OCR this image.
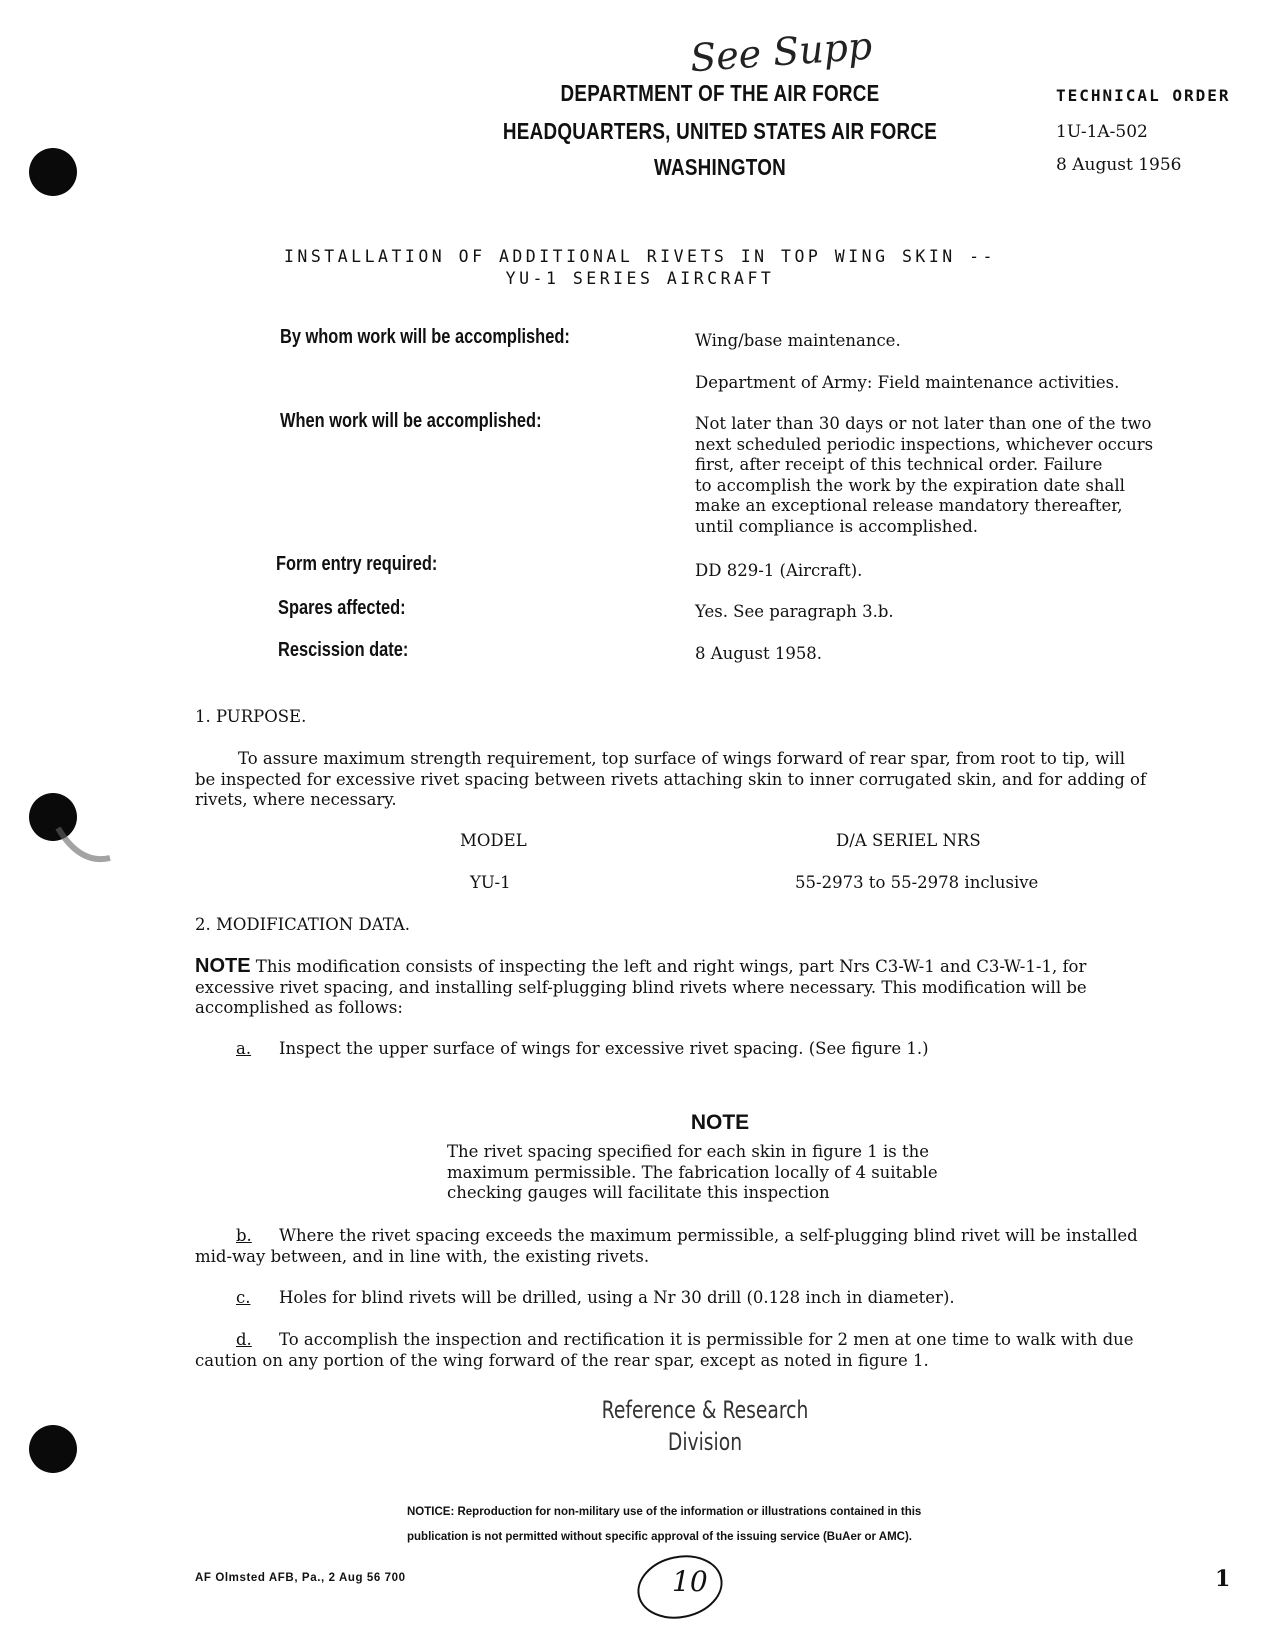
See Supp
DEPARTMENT OF THE AIR FORCE
HEADQUARTERS, UNITED STATES AIR FORCE
WASHINGTON
TECHNICAL ORDER
1U-1A-502
8 August 1956
INSTALLATION OF ADDITIONAL RIVETS IN TOP WING SKIN --
YU-1 SERIES AIRCRAFT
By whom work will be accomplished:	Wing/base maintenance.
Department of Army: Field maintenance activities.
When work will be accomplished:	Not later than 30 days or not later than one of the two
next scheduled periodic inspections, whichever occurs
first, after receipt of this technical order. Failure
to accomplish the work by the expiration date shall
make an exceptional release mandatory thereafter,
until compliance is accomplished.
Form entry required:	DD 829-1 (Aircraft).
Spares affected:	Yes. See paragraph 3.b.
Rescission date:	8 August 1958.
1. PURPOSE.
To assure maximum strength requirement, top surface of wings forward of rear spar, from root to tip, will
be inspected for excessive rivet spacing between rivets attaching skin to inner corrugated skin, and for adding of
rivets, where necessary.
MODEL	D/A SERIEL NRS
YU-1	55-2973 to 55-2978 inclusive
2. MODIFICATION DATA.
NOTE This modification consists of inspecting the left and right wings, part Nrs C3-W-1 and C3-W-1-1, for
excessive rivet spacing, and installing self-plugging blind rivets where necessary. This modification will be
accomplished as follows:
a. Inspect the upper surface of wings for excessive rivet spacing. (See figure 1.)
NOTE
The rivet spacing specified for each skin in figure 1 is the
maximum permissible. The fabrication locally of 4 suitable
checking gauges will facilitate this inspection
b. Where the rivet spacing exceeds the maximum permissible, a self-plugging blind rivet will be installed
mid-way between, and in line with, the existing rivets.
c. Holes for blind rivets will be drilled, using a Nr 30 drill (0.128 inch in diameter).
d. To accomplish the inspection and rectification it is permissible for 2 men at one time to walk with due
caution on any portion of the wing forward of the rear spar, except as noted in figure 1.
Reference & Research
Division
NOTICE: Reproduction for non-military use of the information or illustrations contained in this
publication is not permitted without specific approval of the issuing service (BuAer or AMC).
AF Olmsted AFB, Pa., 2 Aug 56 700	10	1
